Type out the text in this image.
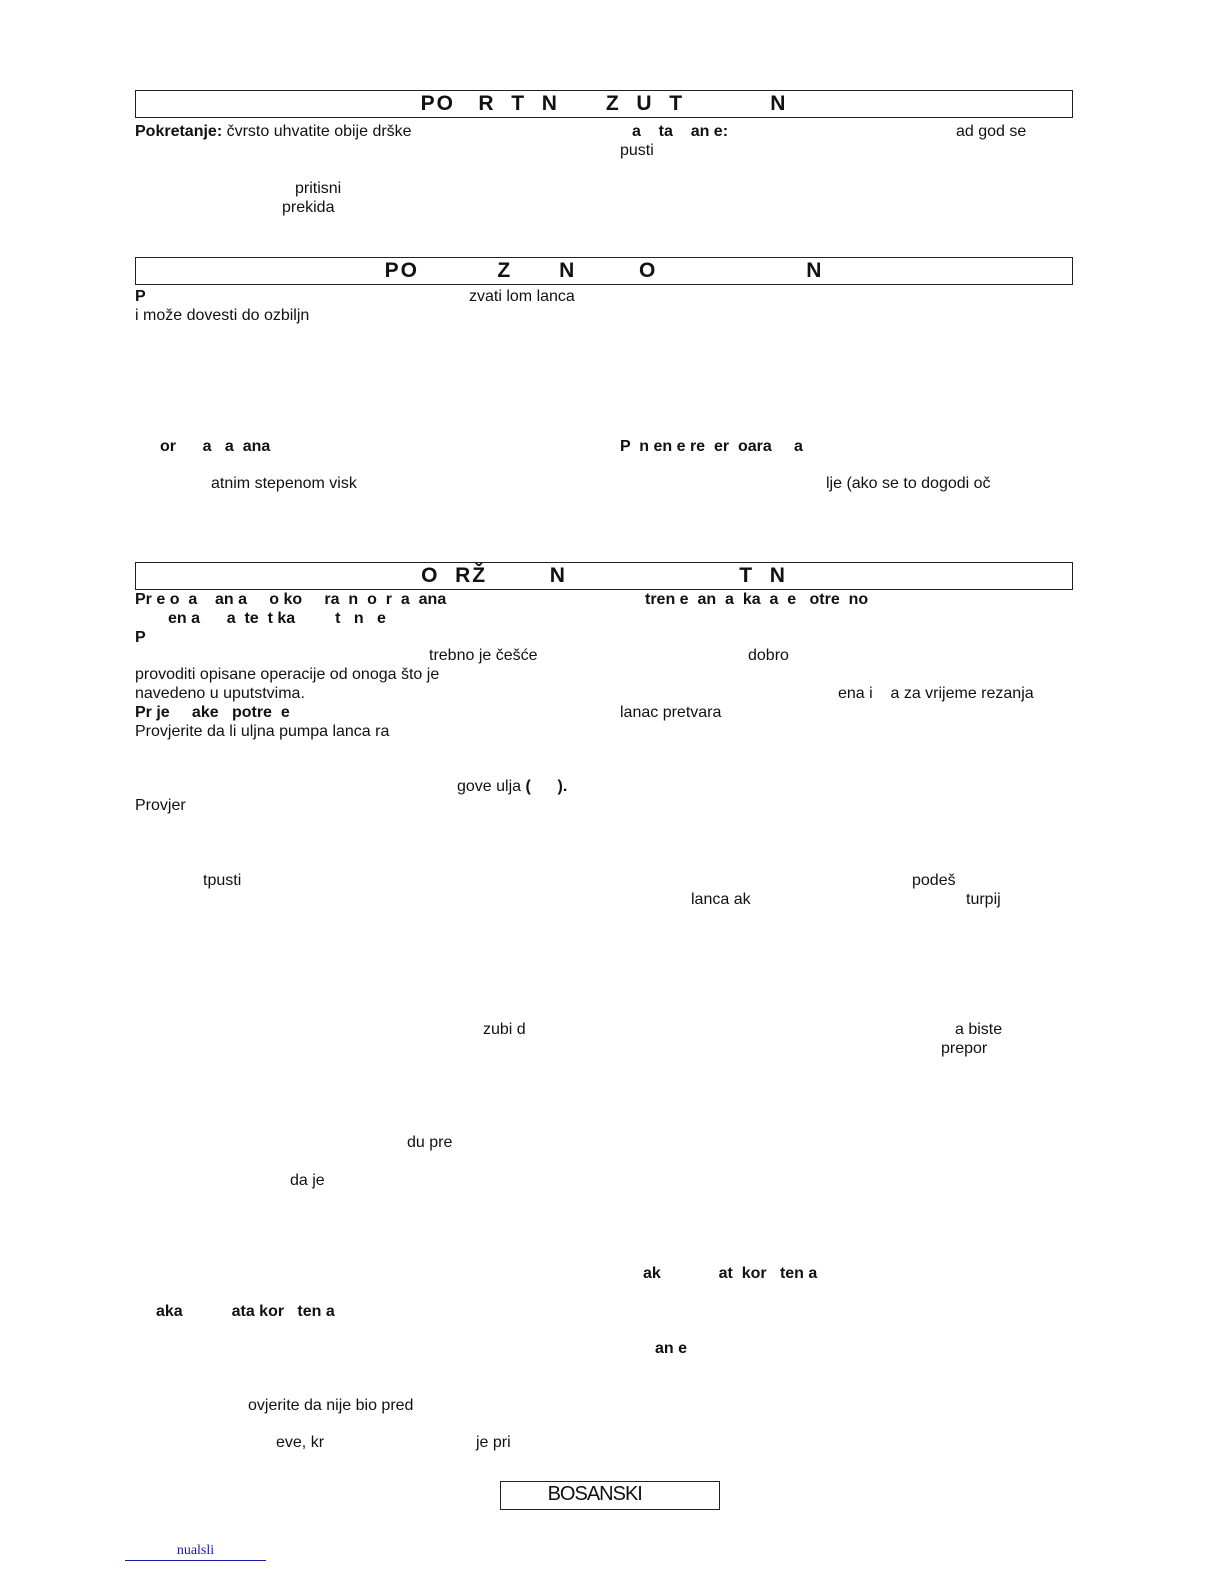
PO   R  T  N      Z  U  T           N
Pokretanje: čvrsto uhvatite obije drške	a    ta    an e:	ad god se
pusti
pritisni
prekida
PO          Z      N        O                   N
P	zvati lom lanca
i može dovesti do ozbiljn
or      a   a  ana	P  n en e re  er  oara     a
atnim stepenom visk	lje (ako se to dogodi oč
O  RŽ        N                      T  N
Pr e o  a    an a     o ko     ra  n  o  r  a  ana	tren e  an  a  ka  a  e   otre  no
en a      a  te  t ka         t   n   e
P
trebno je češće	dobro
provoditi opisane operacije od onoga što je
navedeno u uputstvima.	ena i    a za vrijeme rezanja
Pr je     ake   potre  e	lanac pretvara
Provjerite da li uljna pumpa lanca ra
gove ulja (      ).
Provjer
tpusti	podeš
lanca ak	turpij
zubi d	a biste
prepor
du pre
da je
ak             at  kor   ten a
aka           ata kor   ten a
an e
ovjerite da nije bio pred
eve, kr	je pri
BOSANSKI
nualsli
